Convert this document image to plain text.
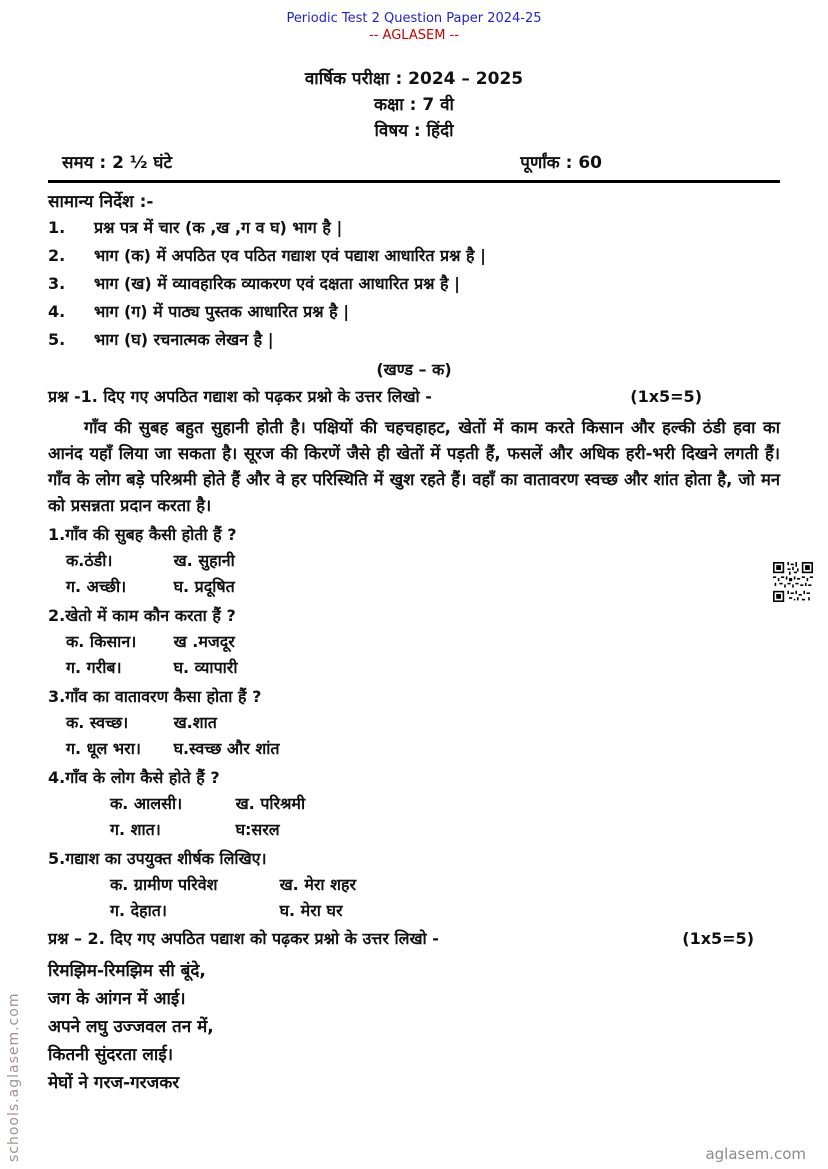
Periodic Test 2 Question Paper 2024-25
-- AGLASEM --
वार्षिक परीक्षा : 2024 – 2025
कक्षा : 7 वी
विषय : हिंदी
समय : 2 ½ घंटे	पूर्णांक : 60
सामान्य निर्देश :-
1.	प्रश्न पत्र में चार (क ,ख ,ग व घ) भाग है |
2.	भाग (क) में अपठित एव पठित गद्याश एवं पद्याश आधारित प्रश्न है |
3.	भाग (ख) में व्यावहारिक व्याकरण एवं दक्षता आधारित प्रश्न है |
4.	भाग (ग) में पाठ्य पुस्तक आधारित प्रश्न है |
5.	भाग (घ) रचनात्मक लेखन है |
(खण्ड – क)
प्रश्न -1. दिए गए अपठित गद्याश को पढ़कर प्रश्नो के उत्तर लिखो -	(1x5=5)
गाँव की सुबह बहुत सुहानी होती है। पक्षियों की चहचहाहट, खेतों में काम करते किसान और हल्की ठंडी हवा का आनंद यहाँ लिया जा सकता है। सूरज की किरणें जैसे ही खेतों में पड़ती हैं, फसलें और अधिक हरी-भरी दिखने लगती हैं। गाँव के लोग बड़े परिश्रमी होते हैं और वे हर परिस्थिति में खुश रहते हैं। वहाँ का वातावरण स्वच्छ और शांत होता है, जो मन को प्रसन्नता प्रदान करता है।
1.गाँव की सुबह कैसी होती हैं ?
क.ठंडी।	ख. सुहानी
ग. अच्छी।	घ. प्रदूषित
2.खेतो में काम कौन करता हैं ?
क. किसान। ख .मजदूर
ग. गरीब।	घ. व्यापारी
3.गाँव का वातावरण कैसा होता हैं ?
क. स्वच्छ।	ख.शात
ग. धूल भरा। घ.स्वच्छ और शांत
4.गाँव के लोग कैसे होते हैं ?
क. आलसी।	ख. परिश्रमी
ग. शात।	घ:सरल
5.गद्याश का उपयुक्त शीर्षक लिखिए।
क. ग्रामीण परिवेश	ख. मेरा शहर
ग. देहात।	घ. मेरा घर
प्रश्न – 2. दिए गए अपठित पद्याश को पढ़कर प्रश्नो के उत्तर लिखो -	(1x5=5)
रिमझिम-रिमझिम सी बूंदे,
जग के आंगन में आई।
अपने लघु उज्जवल तन में,
कितनी सुंदरता लाई।
मेघों ने गरज-गरजकर
schools.aglasem.com	aglasem.com
